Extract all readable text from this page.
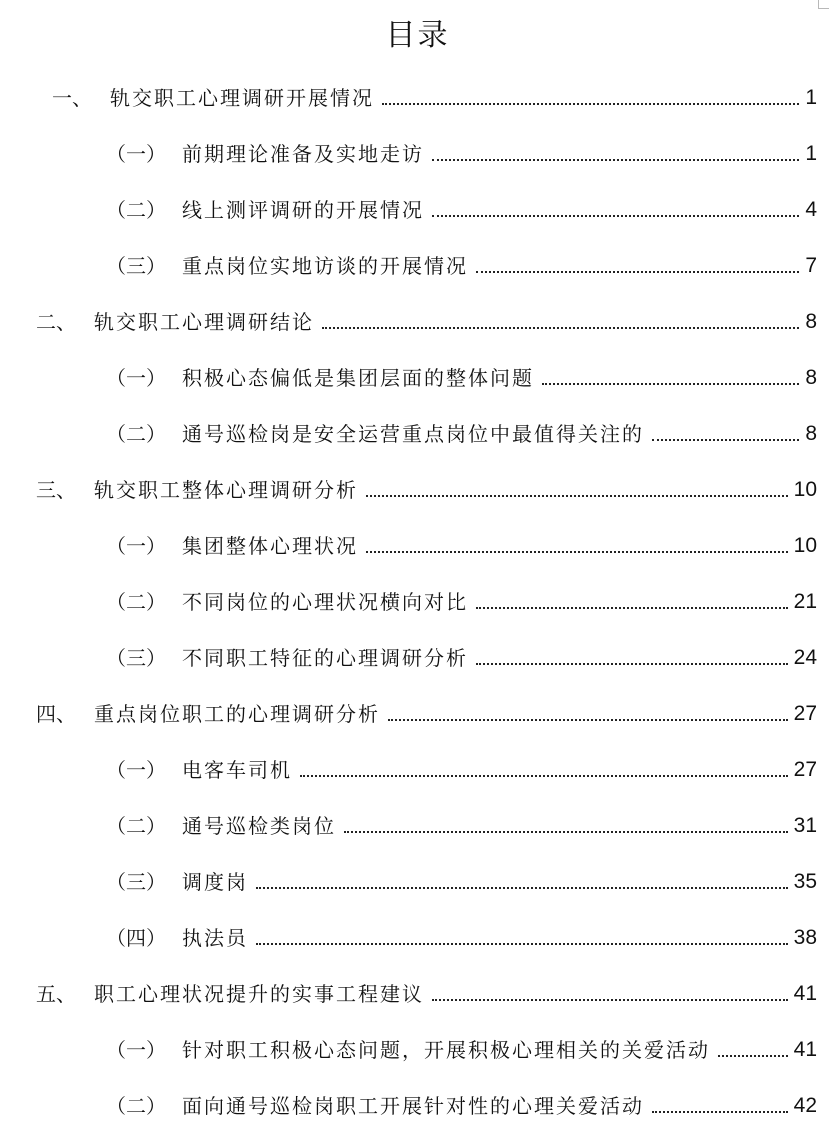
目录
一、 轨交职工心理调研开展情况	1
（一） 前期理论准备及实地走访	1
（二） 线上测评调研的开展情况	4
（三） 重点岗位实地访谈的开展情况	7
二、 轨交职工心理调研结论	8
（一） 积极心态偏低是集团层面的整体问题	8
（二） 通号巡检岗是安全运营重点岗位中最值得关注的	8
三、 轨交职工整体心理调研分析	10
（一） 集团整体心理状况	10
（二） 不同岗位的心理状况横向对比	21
（三） 不同职工特征的心理调研分析	24
四、 重点岗位职工的心理调研分析	27
（一） 电客车司机	27
（二） 通号巡检类岗位	31
（三） 调度岗	35
（四） 执法员	38
五、 职工心理状况提升的实事工程建议	41
（一） 针对职工积极心态问题，开展积极心理相关的关爱活动	41
（二） 面向通号巡检岗职工开展针对性的心理关爱活动	42
